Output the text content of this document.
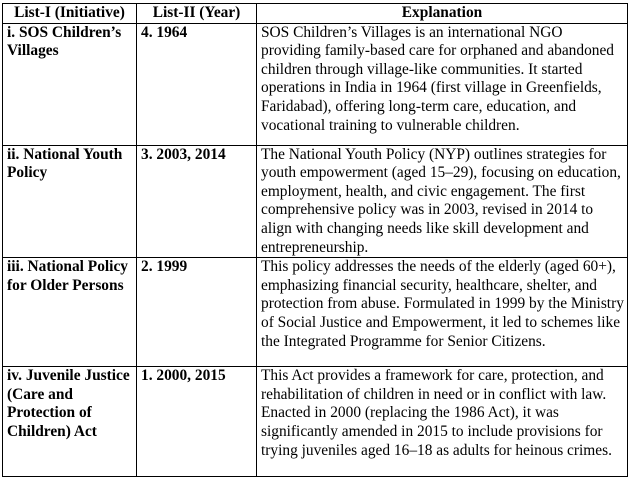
List-I (Initiative)	List-II (Year)	Explanation
i. SOS Children’s Villages	4. 1964	SOS Children’s Villages is an international NGO providing family-based care for orphaned and abandoned children through village-like communities. It started operations in India in 1964 (first village in Greenfields, Faridabad), offering long-term care, education, and vocational training to vulnerable children.
ii. National Youth Policy	3. 2003, 2014	The National Youth Policy (NYP) outlines strategies for youth empowerment (aged 15–29), focusing on education, employment, health, and civic engagement. The first comprehensive policy was in 2003, revised in 2014 to align with changing needs like skill development and entrepreneurship.
iii. National Policy for Older Persons	2. 1999	This policy addresses the needs of the elderly (aged 60+), emphasizing financial security, healthcare, shelter, and protection from abuse. Formulated in 1999 by the Ministry of Social Justice and Empowerment, it led to schemes like the Integrated Programme for Senior Citizens.
iv. Juvenile Justice (Care and Protection of Children) Act	1. 2000, 2015	This Act provides a framework for care, protection, and rehabilitation of children in need or in conflict with law. Enacted in 2000 (replacing the 1986 Act), it was significantly amended in 2015 to include provisions for trying juveniles aged 16–18 as adults for heinous crimes.
